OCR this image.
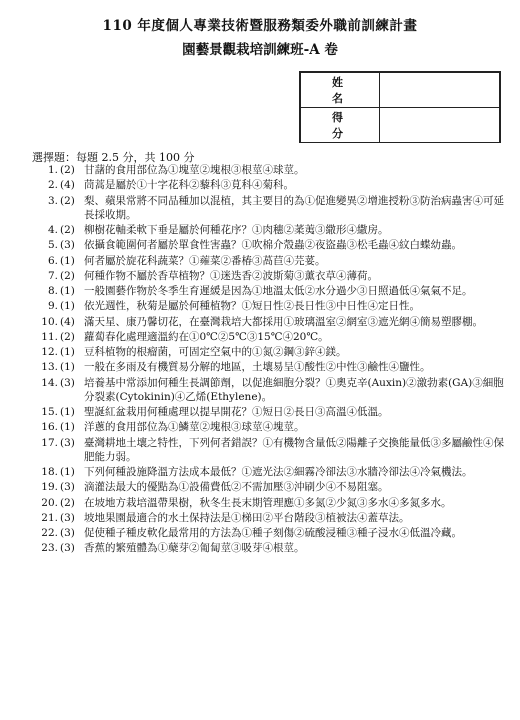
110 年度個人專業技術暨服務類委外職前訓練計畫
園藝景觀栽培訓練班-A 卷
姓 名	
得 分	
選擇題：每題 2.5 分，共 100 分
1. (2) 甘藷的食用部位為①塊莖②塊根③根莖④球莖。
2. (4) 茼蒿是屬於①十字花科②藜科③莧科④菊科。
3. (2) 梨、蘋果常將不同品種加以混植，其主要目的為①促進變異②增進授粉③防治病蟲害④可延長採收期。
4. (2) 柳樹花軸柔軟下垂是屬於何種花序？①肉穗②葇荑③繖形④繖房。
5. (3) 依攝食範圍何者屬於單食性害蟲？①吹棉介殼蟲②夜盜蟲③松毛蟲④紋白蝶幼蟲。
6. (1) 何者屬於旋花科蔬菜？①蕹菜②番椿③萵苣④芫荽。
7. (2) 何種作物不屬於香草植物？①迷迭香②波斯菊③薰衣草④薄荷。
8. (1) 一般園藝作物於冬季生育遲緩是因為①地溫太低②水分過少③日照過低④氣氣不足。
9. (1) 依光週性，秋菊是屬於何種植物？①短日性②長日性③中日性④定日性。
10. (4) 滿天星、康乃馨切花，在臺灣栽培大都採用①玻璃溫室②網室③遮光網④簡易塑膠棚。
11. (2) 蘿蔔春化處理適溫約在①0℃②5℃③15℃④20℃。
12. (1) 豆科植物的根瘤菌，可固定空氣中的①氮②鋼③鋅④鎂。
13. (1) 一般在多雨及有機質易分解的地區，土壤易呈①酸性②中性③鹼性④鹽性。
14. (3) 培養基中常添加何種生長調節劑，以促進細胞分裂？①奧克辛(Auxin)②激勃素(GA)③細胞分裂素(Cytokinin)④乙烯(Ethylene)。
15. (1) 聖誕紅盆栽用何種處理以提早開花？①短日②長日③高溫④低溫。
16. (1) 洋蔥的食用部位為①鱗莖②塊根③球莖④塊莖。
17. (3) 臺灣耕地土壤之特性，下列何者錯誤？①有機物含量低②陽離子交換能量低③多屬鹼性④保肥能力弱。
18. (1) 下列何種設施降溫方法成本最低？①遮光法②細霧冷卻法③水牆冷卻法④冷氣機法。
19. (3) 滴灌法最大的優點為①設備費低②不需加壓③沖刷少④不易阻塞。
20. (2) 在坡地方栽培溫帶果樹，秋冬生長末期管理應①多氮②少氮③多水④多氮多水。
21. (3) 坡地果園最適合的水土保持法是①梯田②平台階段③植被法④蓋草法。
22. (3) 促使種子種皮軟化最常用的方法為①種子刻傷②硫酸浸種③種子浸水④低溫冷藏。
23. (3) 香蕉的繁殖體為①蘖芽②匍匐莖③吸芽④根莖。
